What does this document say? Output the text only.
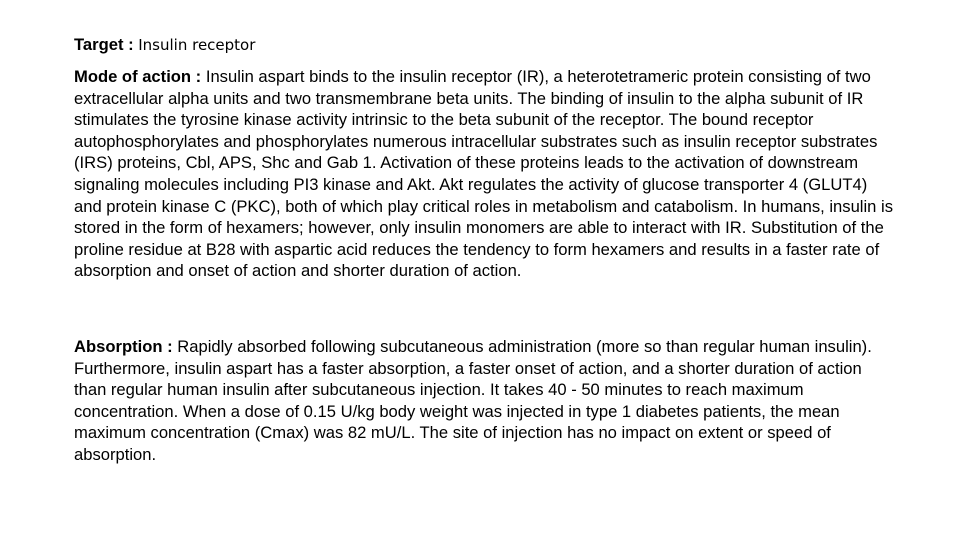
Target : Insulin receptor

Mode of action : Insulin aspart binds to the insulin receptor (IR), a heterotetrameric protein consisting of two extracellular alpha units and two transmembrane beta units. The binding of insulin to the alpha subunit of IR stimulates the tyrosine kinase activity intrinsic to the beta subunit of the receptor. The bound receptor autophosphorylates and phosphorylates numerous intracellular substrates such as insulin receptor substrates (IRS) proteins, Cbl, APS, Shc and Gab 1. Activation of these proteins leads to the activation of downstream signaling molecules including PI3 kinase and Akt. Akt regulates the activity of glucose transporter 4 (GLUT4) and protein kinase C (PKC), both of which play critical roles in metabolism and catabolism. In humans, insulin is stored in the form of hexamers; however, only insulin monomers are able to interact with IR. Substitution of the proline residue at B28 with aspartic acid reduces the tendency to form hexamers and results in a faster rate of absorption and onset of action and shorter duration of action.

Absorption : Rapidly absorbed following subcutaneous administration (more so than regular human insulin). Furthermore, insulin aspart has a faster absorption, a faster onset of action, and a shorter duration of action than regular human insulin after subcutaneous injection. It takes 40 - 50 minutes to reach maximum concentration. When a dose of 0.15 U/kg body weight was injected in type 1 diabetes patients, the mean maximum concentration (Cmax) was 82 mU/L. The site of injection has no impact on extent or speed of absorption.
